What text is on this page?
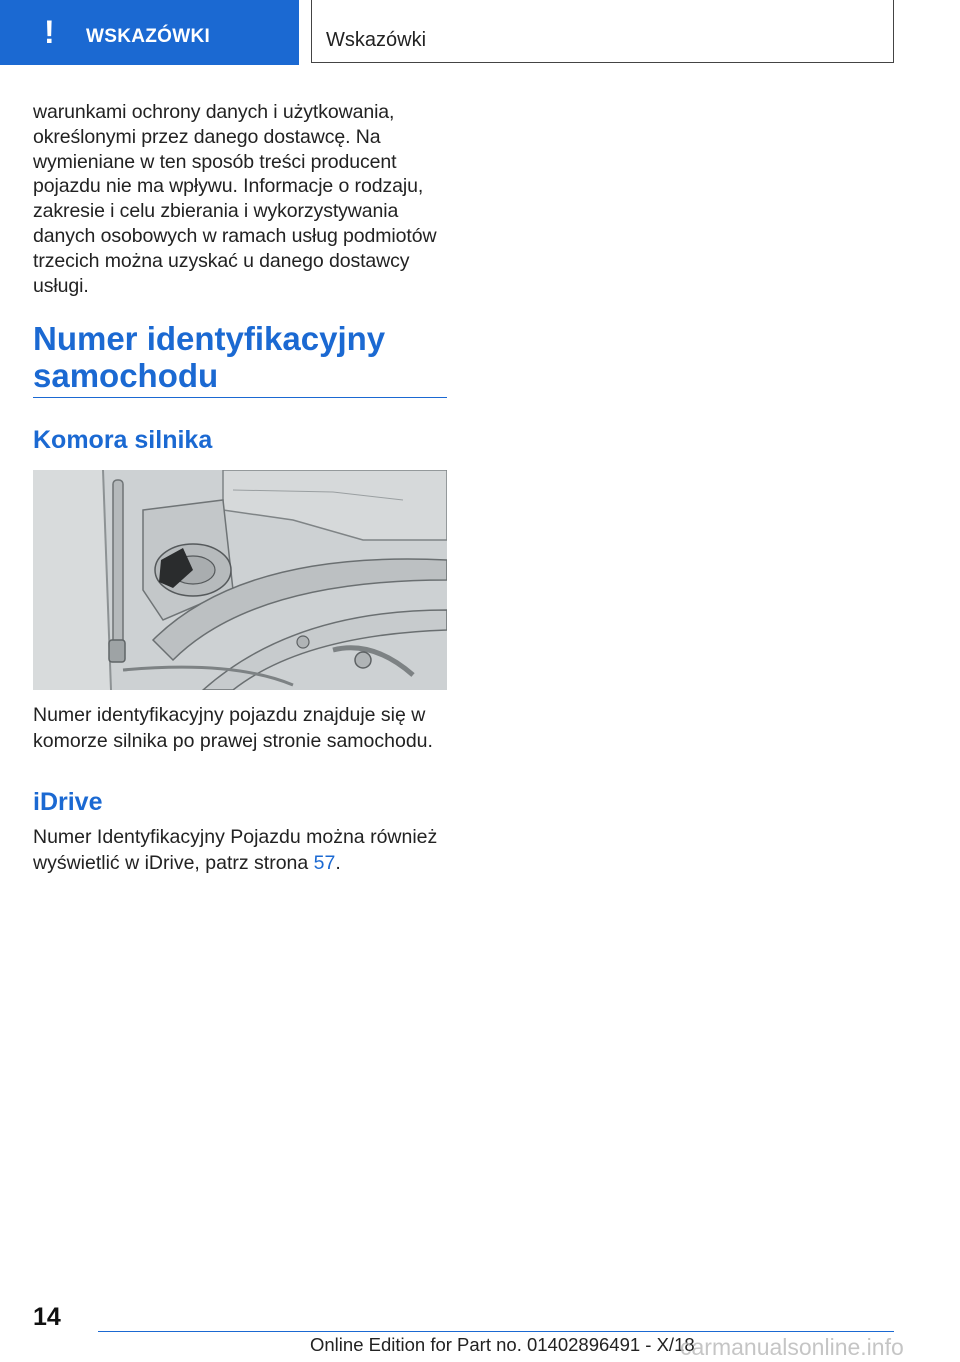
! WSKAZÓWKI	Wskazówki

warunkami ochrony danych i użytkowania, określonymi przez danego dostawcę. Na wymieniane w ten sposób treści producent pojazdu nie ma wpływu. Informacje o rodzaju, zakresie i celu zbierania i wykorzystywania danych osobowych w ramach usług podmiotów trzecich można uzyskać u danego dostawcy usługi.

Numer identyfikacyjny samochodu
Komora silnika

Numer identyfikacyjny pojazdu znajduje się w komorze silnika po prawej stronie samochodu.

iDrive

Numer Identyfikacyjny Pojazdu można również wyświetlić w iDrive, patrz strona 57.

14
Online Edition for Part no. 01402896491 - X/18
carmanualsonline.info
